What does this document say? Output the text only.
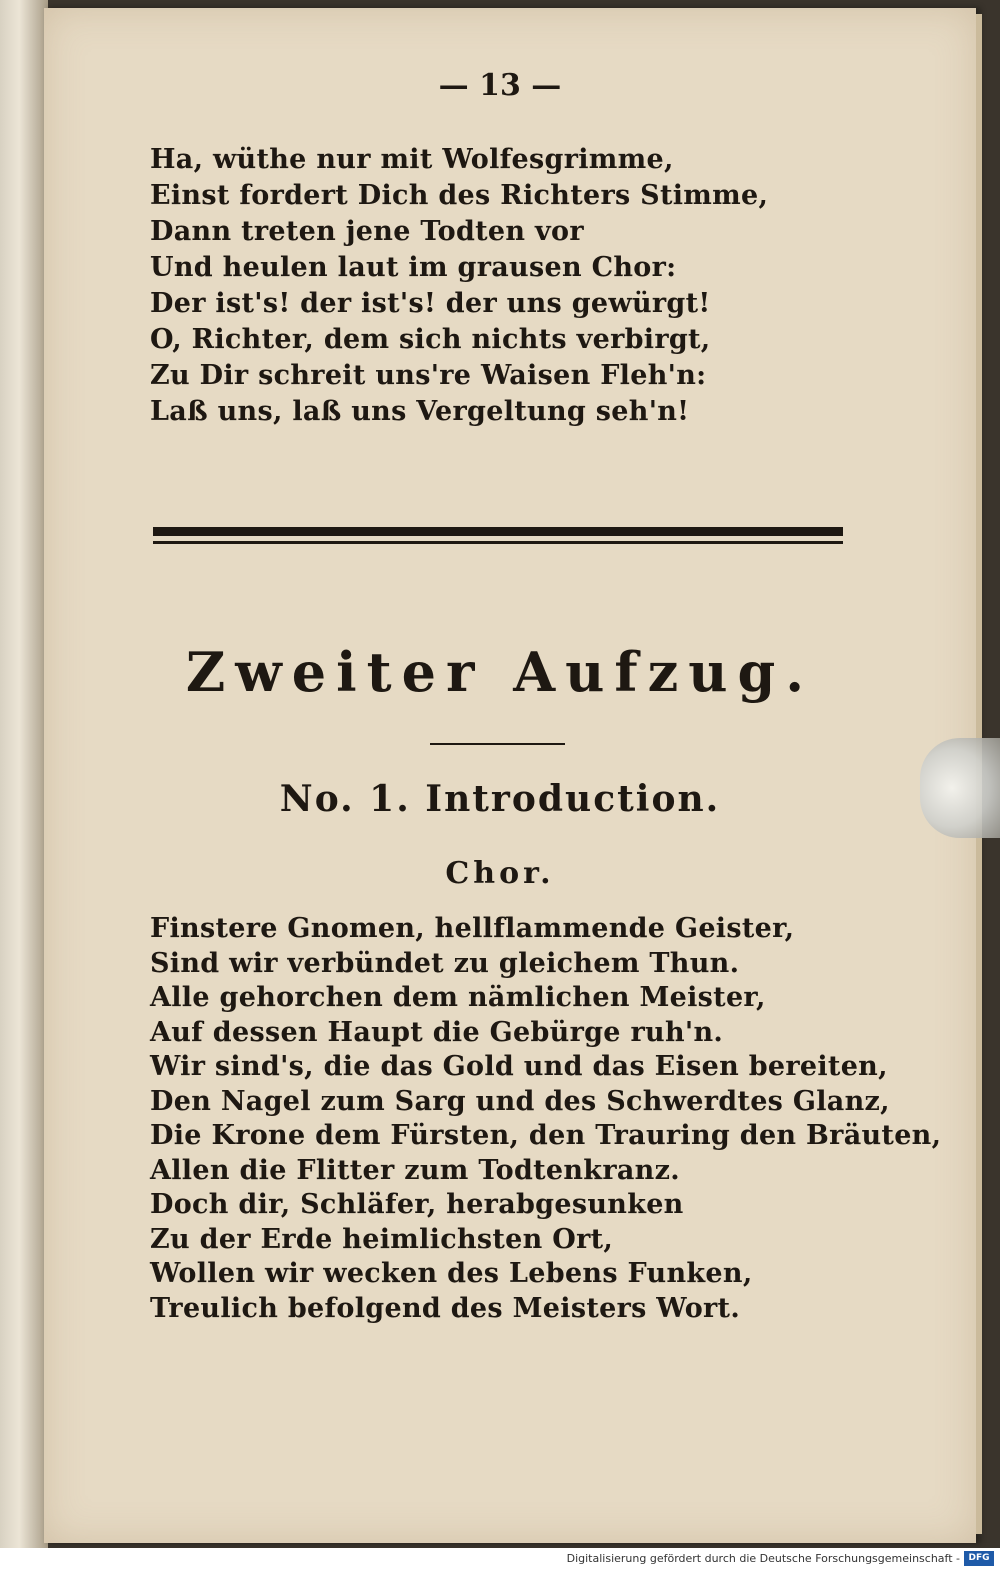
— 13 —
Ha, wüthe nur mit Wolfesgrimme,
Einst fordert Dich des Richters Stimme,
Dann treten jene Todten vor
Und heulen laut im grausen Chor:
Der ist's! der ist's! der uns gewürgt!
O, Richter, dem sich nichts verbirgt,
Zu Dir schreit uns're Waisen Fleh'n:
Laß uns, laß uns Vergeltung seh'n!
Zweiter Aufzug.
No. 1. Introduction.
Chor.
Finstere Gnomen, hellflammende Geister,
Sind wir verbündet zu gleichem Thun.
Alle gehorchen dem nämlichen Meister,
Auf dessen Haupt die Gebürge ruh'n.
Wir sind's, die das Gold und das Eisen bereiten,
Den Nagel zum Sarg und des Schwerdtes Glanz,
Die Krone dem Fürsten, den Trauring den Bräuten,
Allen die Flitter zum Todtenkranz.
Doch dir, Schläfer, herabgesunken
Zu der Erde heimlichsten Ort,
Wollen wir wecken des Lebens Funken,
Treulich befolgend des Meisters Wort.
Digitalisierung gefördert durch die Deutsche Forschungsgemeinschaft - DFG
